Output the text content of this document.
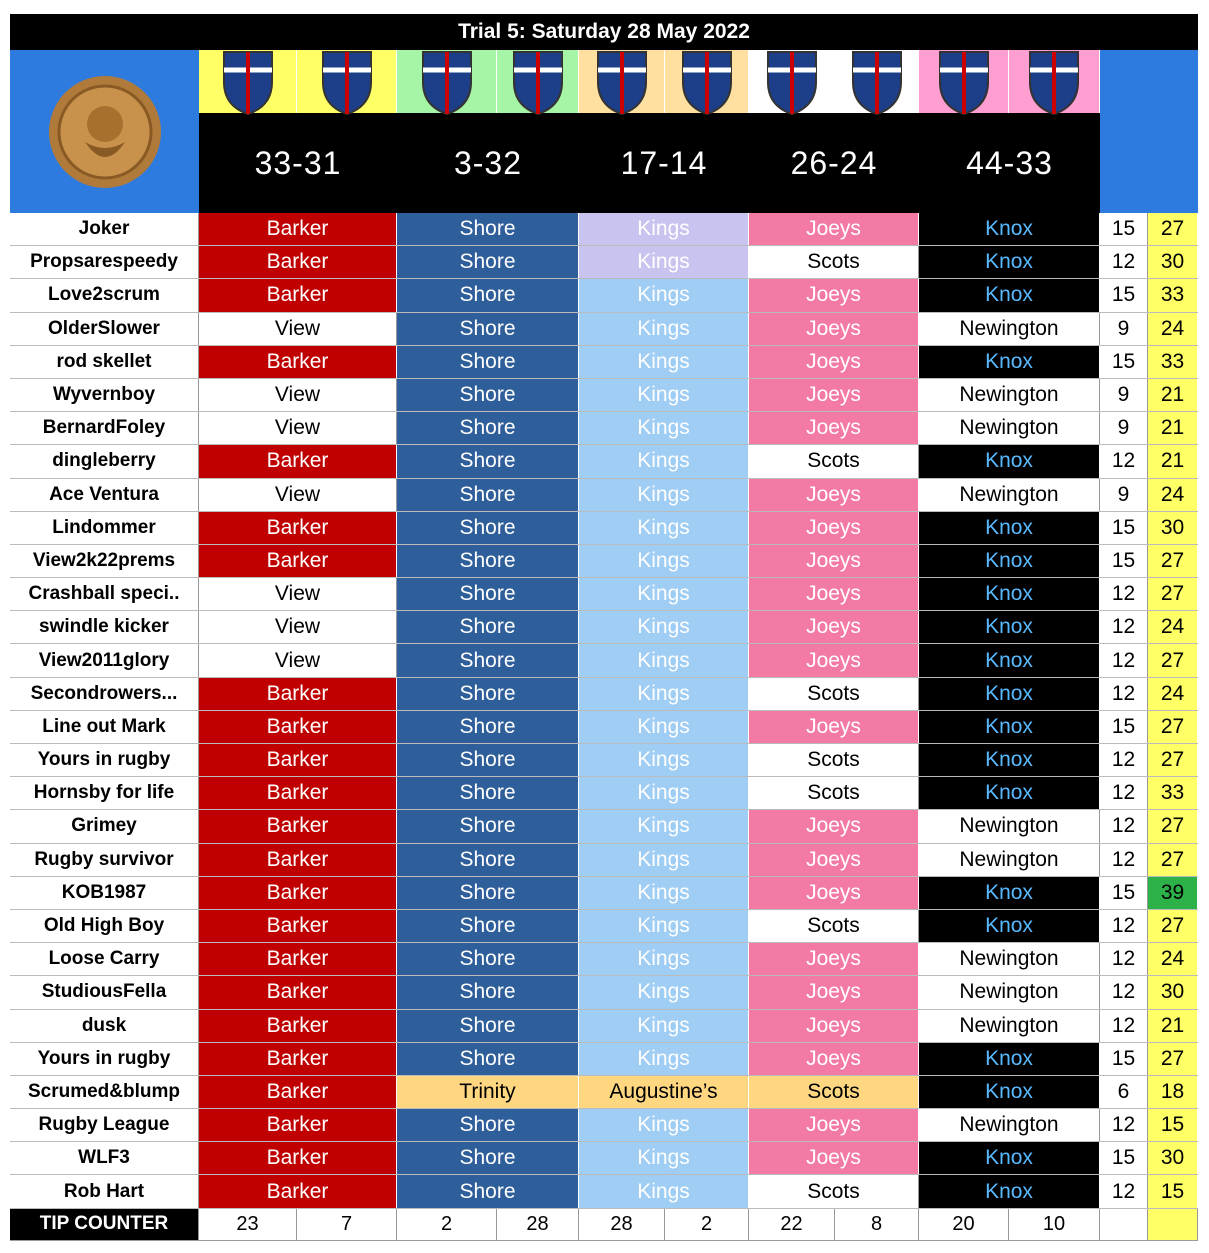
Trial 5: Saturday 28 May 2022
33-31	3-32	17-14	26-24	44-33
Joker	Barker	Shore	Kings	Joeys	Knox	15	27
Propsarespeedy	Barker	Shore	Kings	Scots	Knox	12	30
Love2scrum	Barker	Shore	Kings	Joeys	Knox	15	33
OlderSlower	View	Shore	Kings	Joeys	Newington	9	24
rod skellet	Barker	Shore	Kings	Joeys	Knox	15	33
Wyvernboy	View	Shore	Kings	Joeys	Newington	9	21
BernardFoley	View	Shore	Kings	Joeys	Newington	9	21
dingleberry	Barker	Shore	Kings	Scots	Knox	12	21
Ace Ventura	View	Shore	Kings	Joeys	Newington	9	24
Lindommer	Barker	Shore	Kings	Joeys	Knox	15	30
View2k22prems	Barker	Shore	Kings	Joeys	Knox	15	27
Crashball speci..	View	Shore	Kings	Joeys	Knox	12	27
swindle kicker	View	Shore	Kings	Joeys	Knox	12	24
View2011glory	View	Shore	Kings	Joeys	Knox	12	27
Secondrowers...	Barker	Shore	Kings	Scots	Knox	12	24
Line out Mark	Barker	Shore	Kings	Joeys	Knox	15	27
Yours in rugby	Barker	Shore	Kings	Scots	Knox	12	27
Hornsby for life	Barker	Shore	Kings	Scots	Knox	12	33
Grimey	Barker	Shore	Kings	Joeys	Newington	12	27
Rugby survivor	Barker	Shore	Kings	Joeys	Newington	12	27
KOB1987	Barker	Shore	Kings	Joeys	Knox	15	39
Old High Boy	Barker	Shore	Kings	Scots	Knox	12	27
Loose Carry	Barker	Shore	Kings	Joeys	Newington	12	24
StudiousFella	Barker	Shore	Kings	Joeys	Newington	12	30
dusk	Barker	Shore	Kings	Joeys	Newington	12	21
Yours in rugby	Barker	Shore	Kings	Joeys	Knox	15	27
Scrumed&blump	Barker	Trinity	Augustine’s	Scots	Knox	6	18
Rugby League	Barker	Shore	Kings	Joeys	Newington	12	15
WLF3	Barker	Shore	Kings	Joeys	Knox	15	30
Rob Hart	Barker	Shore	Kings	Scots	Knox	12	15
TIP COUNTER	23	7	2	28	28	2	22	8	20	10
